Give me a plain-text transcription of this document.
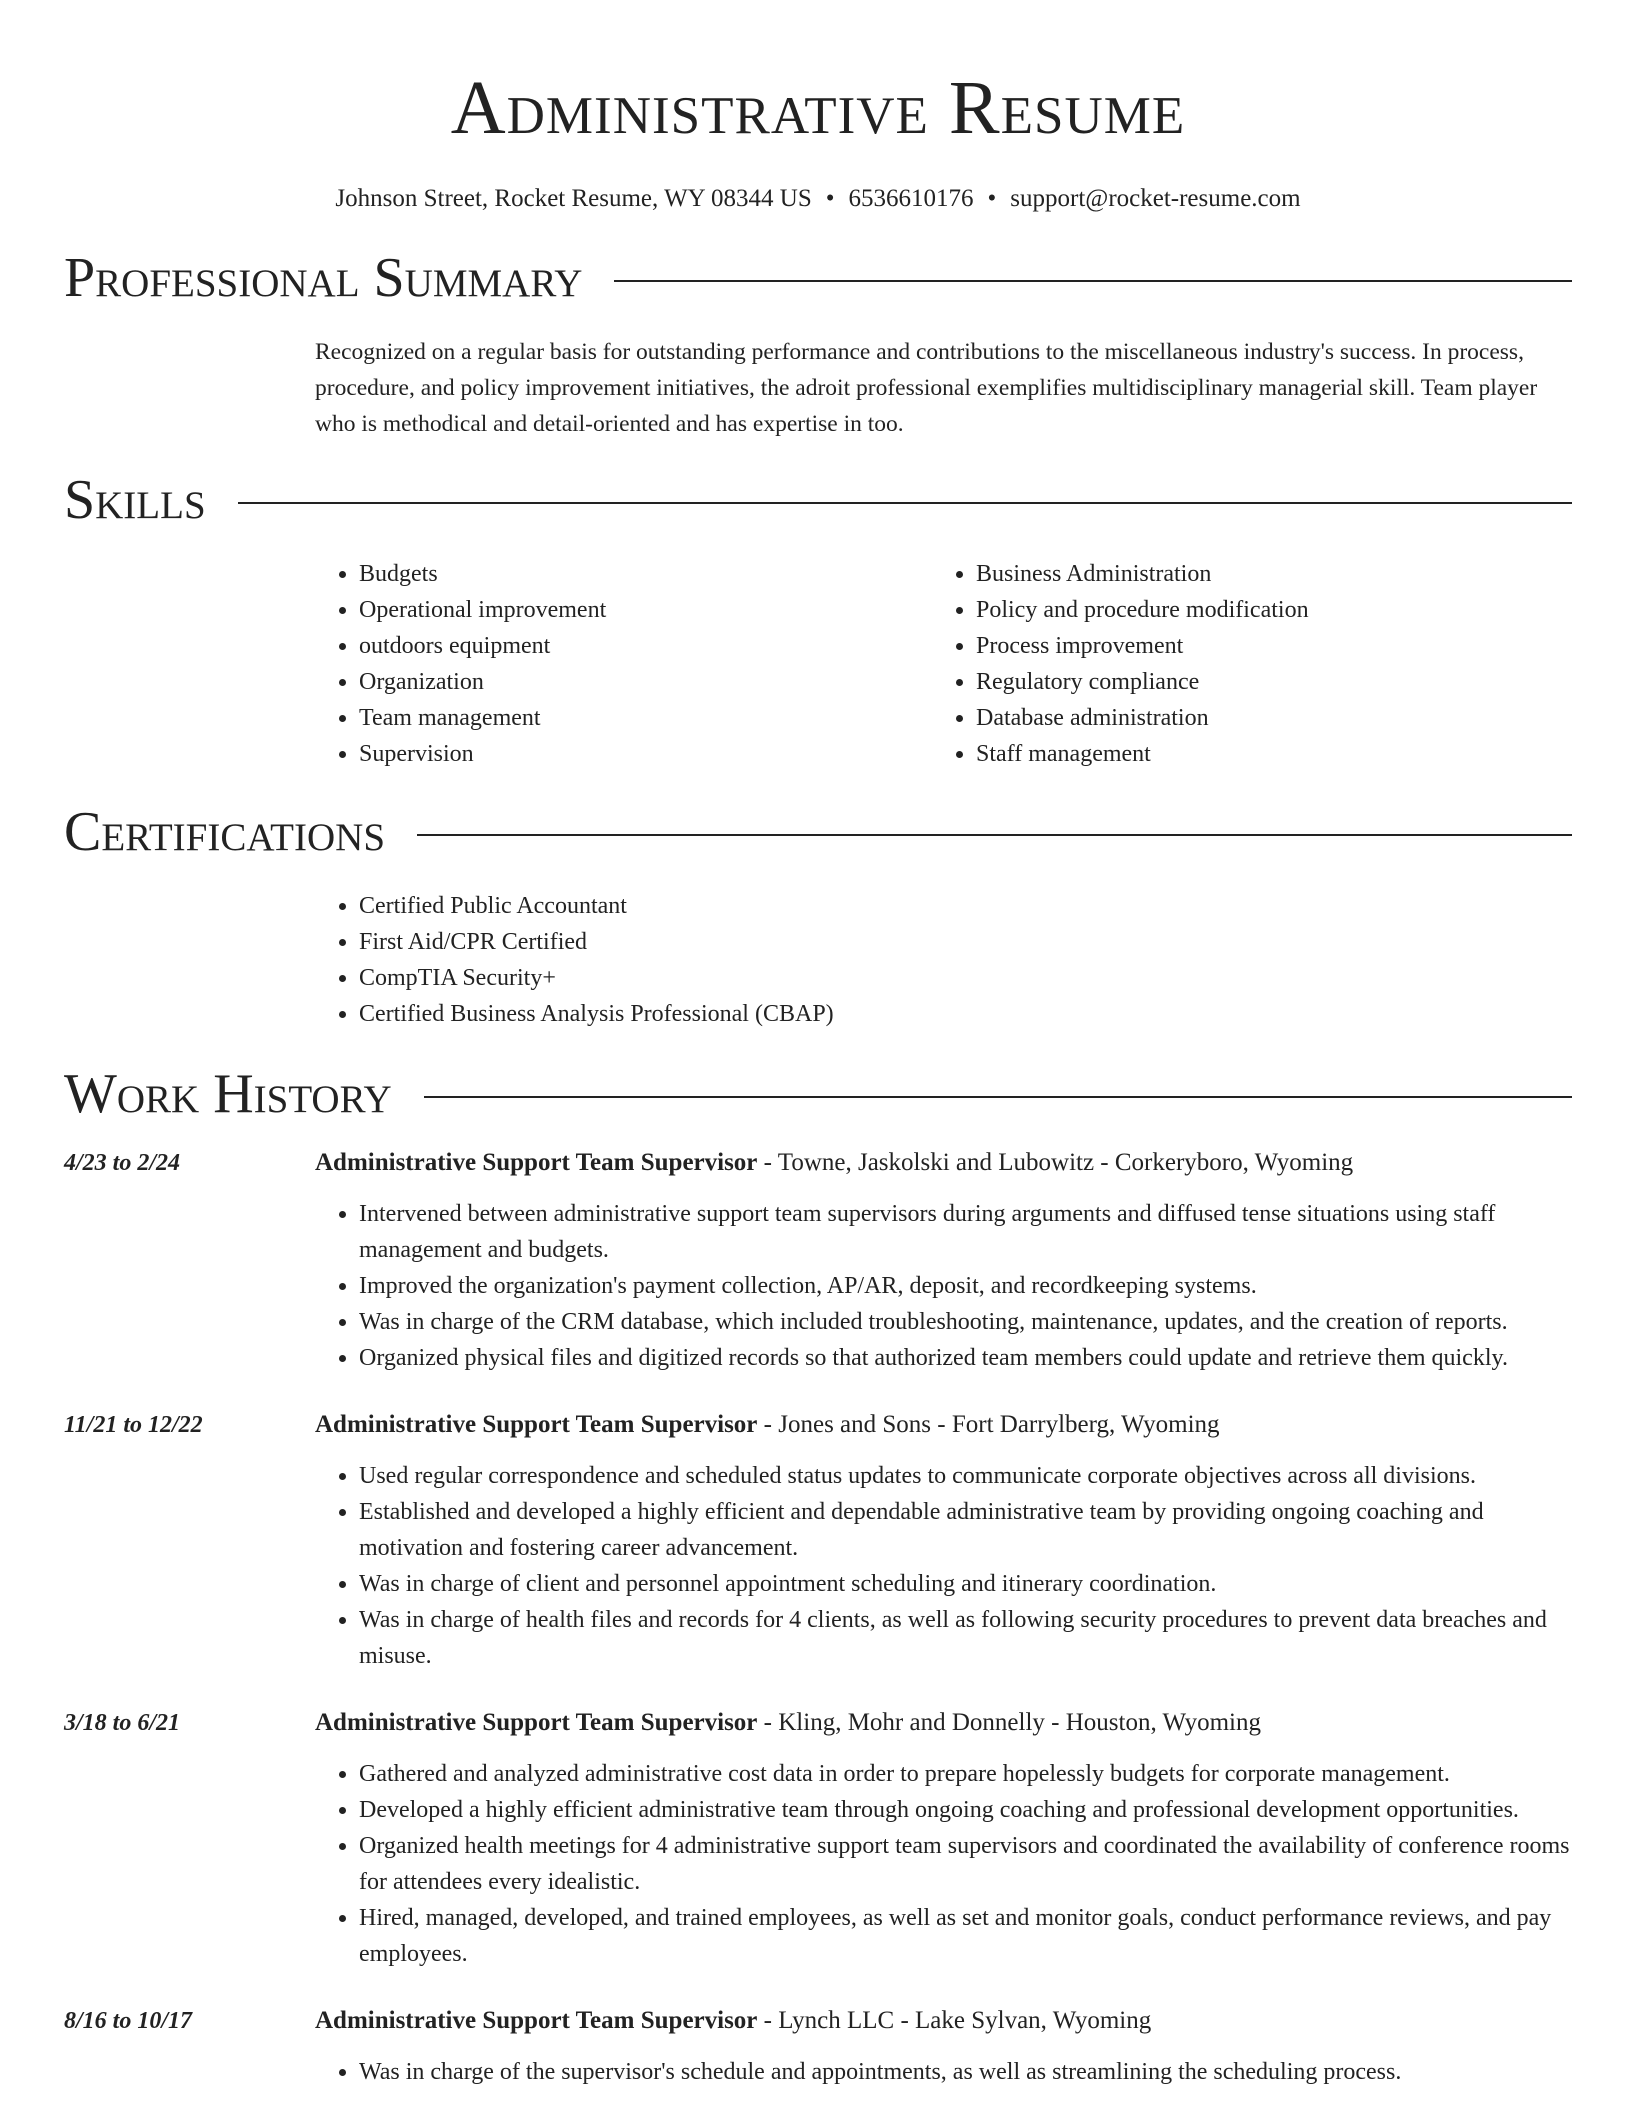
Administrative Resume
Johnson Street, Rocket Resume, WY 08344 US • 6536610176 • support@rocket-resume.com
Professional Summary
Recognized on a regular basis for outstanding performance and contributions to the miscellaneous industry's success. In process, procedure, and policy improvement initiatives, the adroit professional exemplifies multidisciplinary managerial skill. Team player who is methodical and detail-oriented and has expertise in too.
Skills
• Budgets
• Operational improvement
• outdoors equipment
• Organization
• Team management
• Supervision
• Business Administration
• Policy and procedure modification
• Process improvement
• Regulatory compliance
• Database administration
• Staff management
Certifications
• Certified Public Accountant
• First Aid/CPR Certified
• CompTIA Security+
• Certified Business Analysis Professional (CBAP)
Work History
4/23 to 2/24	Administrative Support Team Supervisor - Towne, Jaskolski and Lubowitz - Corkeryboro, Wyoming
• Intervened between administrative support team supervisors during arguments and diffused tense situations using staff management and budgets.
• Improved the organization's payment collection, AP/AR, deposit, and recordkeeping systems.
• Was in charge of the CRM database, which included troubleshooting, maintenance, updates, and the creation of reports.
• Organized physical files and digitized records so that authorized team members could update and retrieve them quickly.
11/21 to 12/22	Administrative Support Team Supervisor - Jones and Sons - Fort Darrylberg, Wyoming
• Used regular correspondence and scheduled status updates to communicate corporate objectives across all divisions.
• Established and developed a highly efficient and dependable administrative team by providing ongoing coaching and motivation and fostering career advancement.
• Was in charge of client and personnel appointment scheduling and itinerary coordination.
• Was in charge of health files and records for 4 clients, as well as following security procedures to prevent data breaches and misuse.
3/18 to 6/21	Administrative Support Team Supervisor - Kling, Mohr and Donnelly - Houston, Wyoming
• Gathered and analyzed administrative cost data in order to prepare hopelessly budgets for corporate management.
• Developed a highly efficient administrative team through ongoing coaching and professional development opportunities.
• Organized health meetings for 4 administrative support team supervisors and coordinated the availability of conference rooms for attendees every idealistic.
• Hired, managed, developed, and trained employees, as well as set and monitor goals, conduct performance reviews, and pay employees.
8/16 to 10/17	Administrative Support Team Supervisor - Lynch LLC - Lake Sylvan, Wyoming
• Was in charge of the supervisor's schedule and appointments, as well as streamlining the scheduling process.
